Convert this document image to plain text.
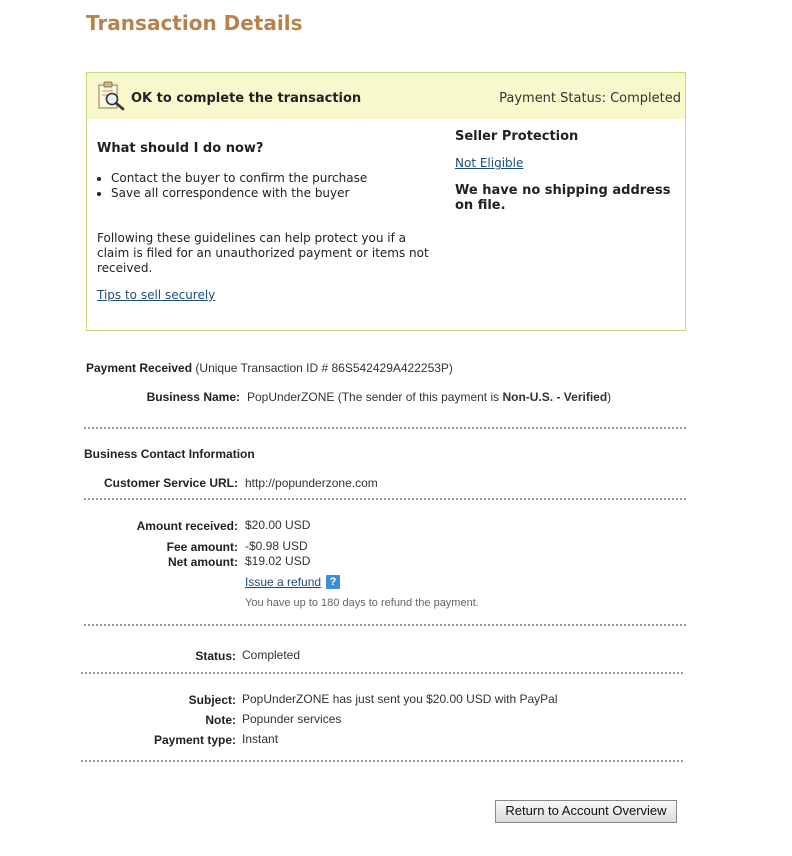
Transaction Details
OK to complete the transaction	Payment Status: Completed
What should I do now?
• Contact the buyer to confirm the purchase
• Save all correspondence with the buyer
Following these guidelines can help protect you if a claim is filed for an unauthorized payment or items not received.
Tips to sell securely
Seller Protection
Not Eligible
We have no shipping address on file.
Payment Received (Unique Transaction ID # 86S542429A422253P)
Business Name: PopUnderZONE (The sender of this payment is Non-U.S. - Verified)
Business Contact Information
Customer Service URL: http://popunderzone.com
Amount received: $20.00 USD
Fee amount: -$0.98 USD
Net amount: $19.02 USD
Issue a refund ?
You have up to 180 days to refund the payment.
Status: Completed
Subject: PopUnderZONE has just sent you $20.00 USD with PayPal
Note: Popunder services
Payment type: Instant
Return to Account Overview
